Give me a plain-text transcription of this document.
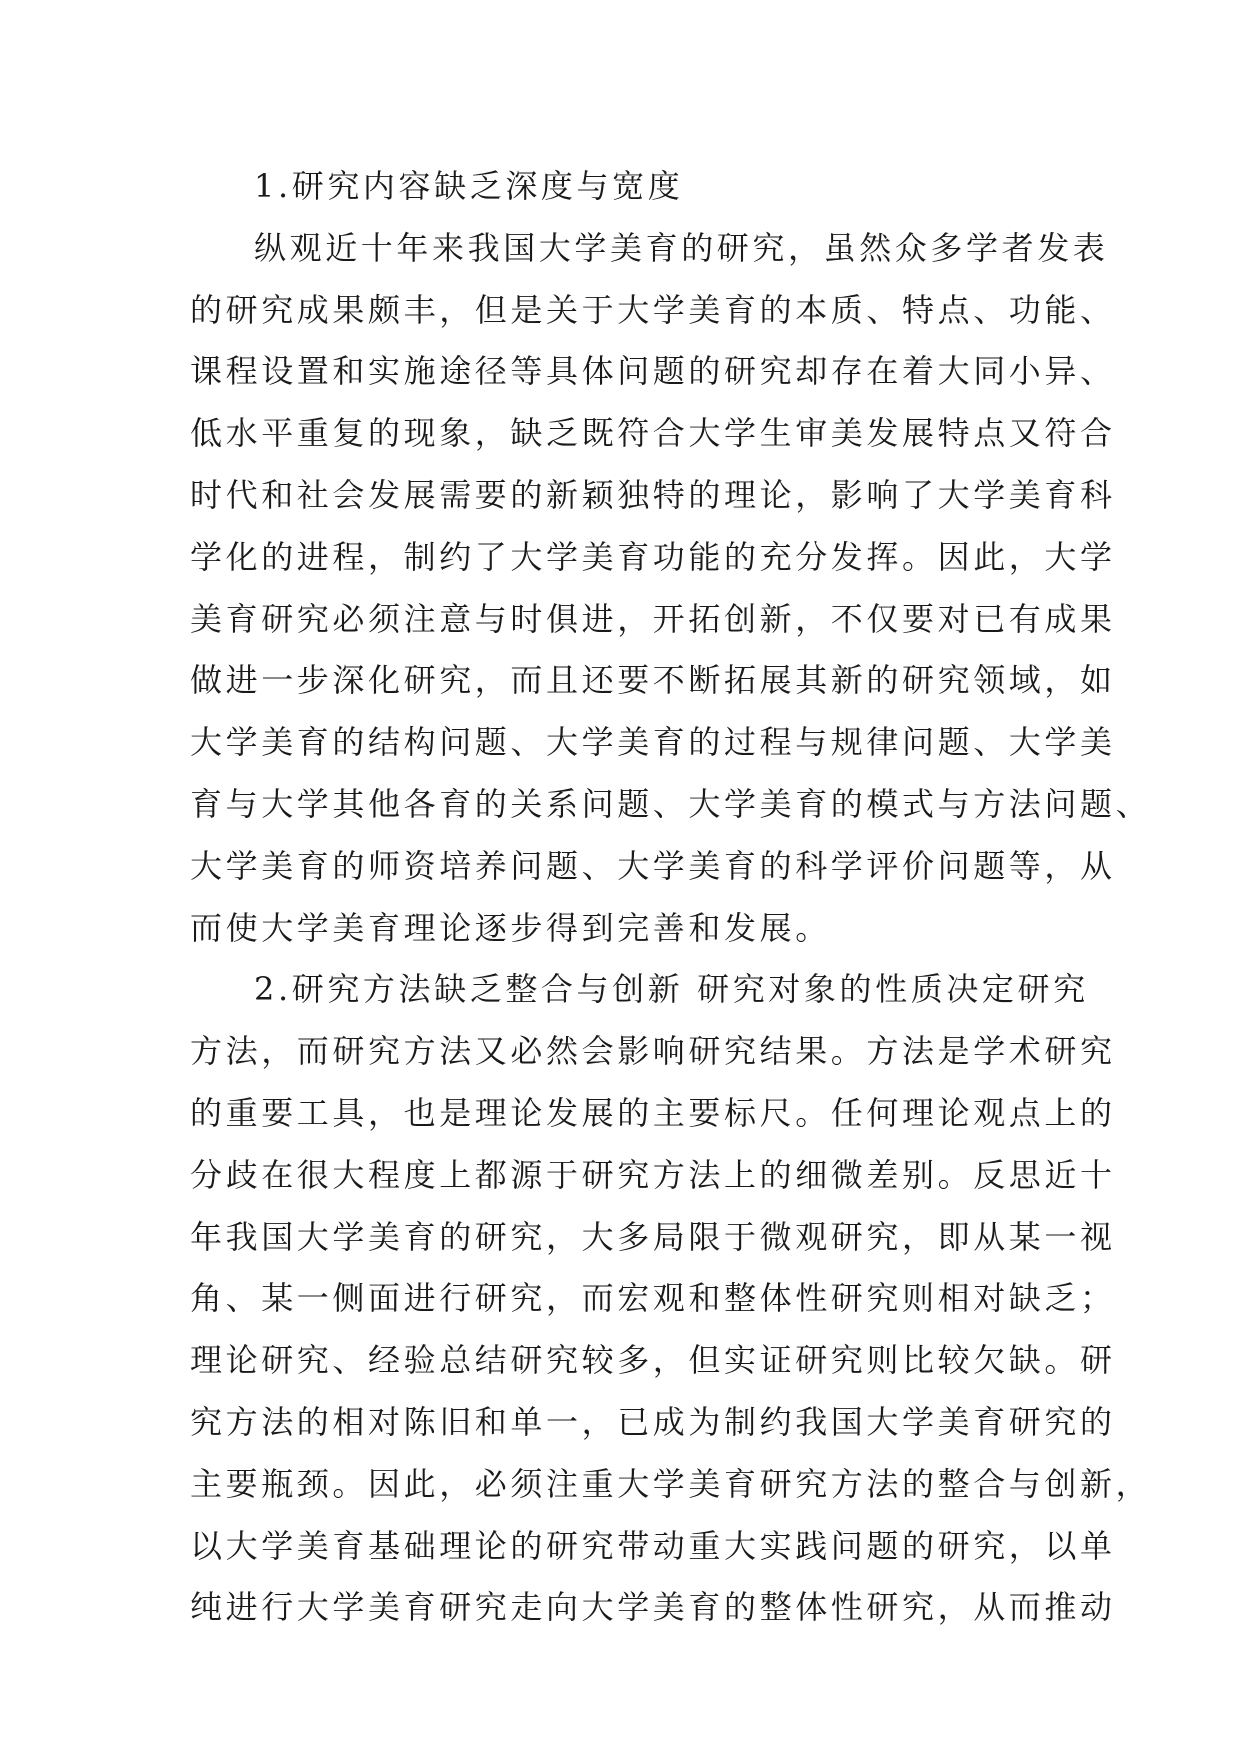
1.研究内容缺乏深度与宽度
纵观近十年来我国大学美育的研究，虽然众多学者发表
的研究成果颇丰，但是关于大学美育的本质、特点、功能、
课程设置和实施途径等具体问题的研究却存在着大同小异、
低水平重复的现象，缺乏既符合大学生审美发展特点又符合
时代和社会发展需要的新颖独特的理论，影响了大学美育科
学化的进程，制约了大学美育功能的充分发挥。因此，大学
美育研究必须注意与时俱进，开拓创新，不仅要对已有成果
做进一步深化研究，而且还要不断拓展其新的研究领域，如
大学美育的结构问题、大学美育的过程与规律问题、大学美
育与大学其他各育的关系问题、大学美育的模式与方法问题、
大学美育的师资培养问题、大学美育的科学评价问题等，从
而使大学美育理论逐步得到完善和发展。
2.研究方法缺乏整合与创新 研究对象的性质决定研究
方法，而研究方法又必然会影响研究结果。方法是学术研究
的重要工具，也是理论发展的主要标尺。任何理论观点上的
分歧在很大程度上都源于研究方法上的细微差别。反思近十
年我国大学美育的研究，大多局限于微观研究，即从某一视
角、某一侧面进行研究，而宏观和整体性研究则相对缺乏；
理论研究、经验总结研究较多，但实证研究则比较欠缺。研
究方法的相对陈旧和单一，已成为制约我国大学美育研究的
主要瓶颈。因此，必须注重大学美育研究方法的整合与创新，
以大学美育基础理论的研究带动重大实践问题的研究，以单
纯进行大学美育研究走向大学美育的整体性研究，从而推动
